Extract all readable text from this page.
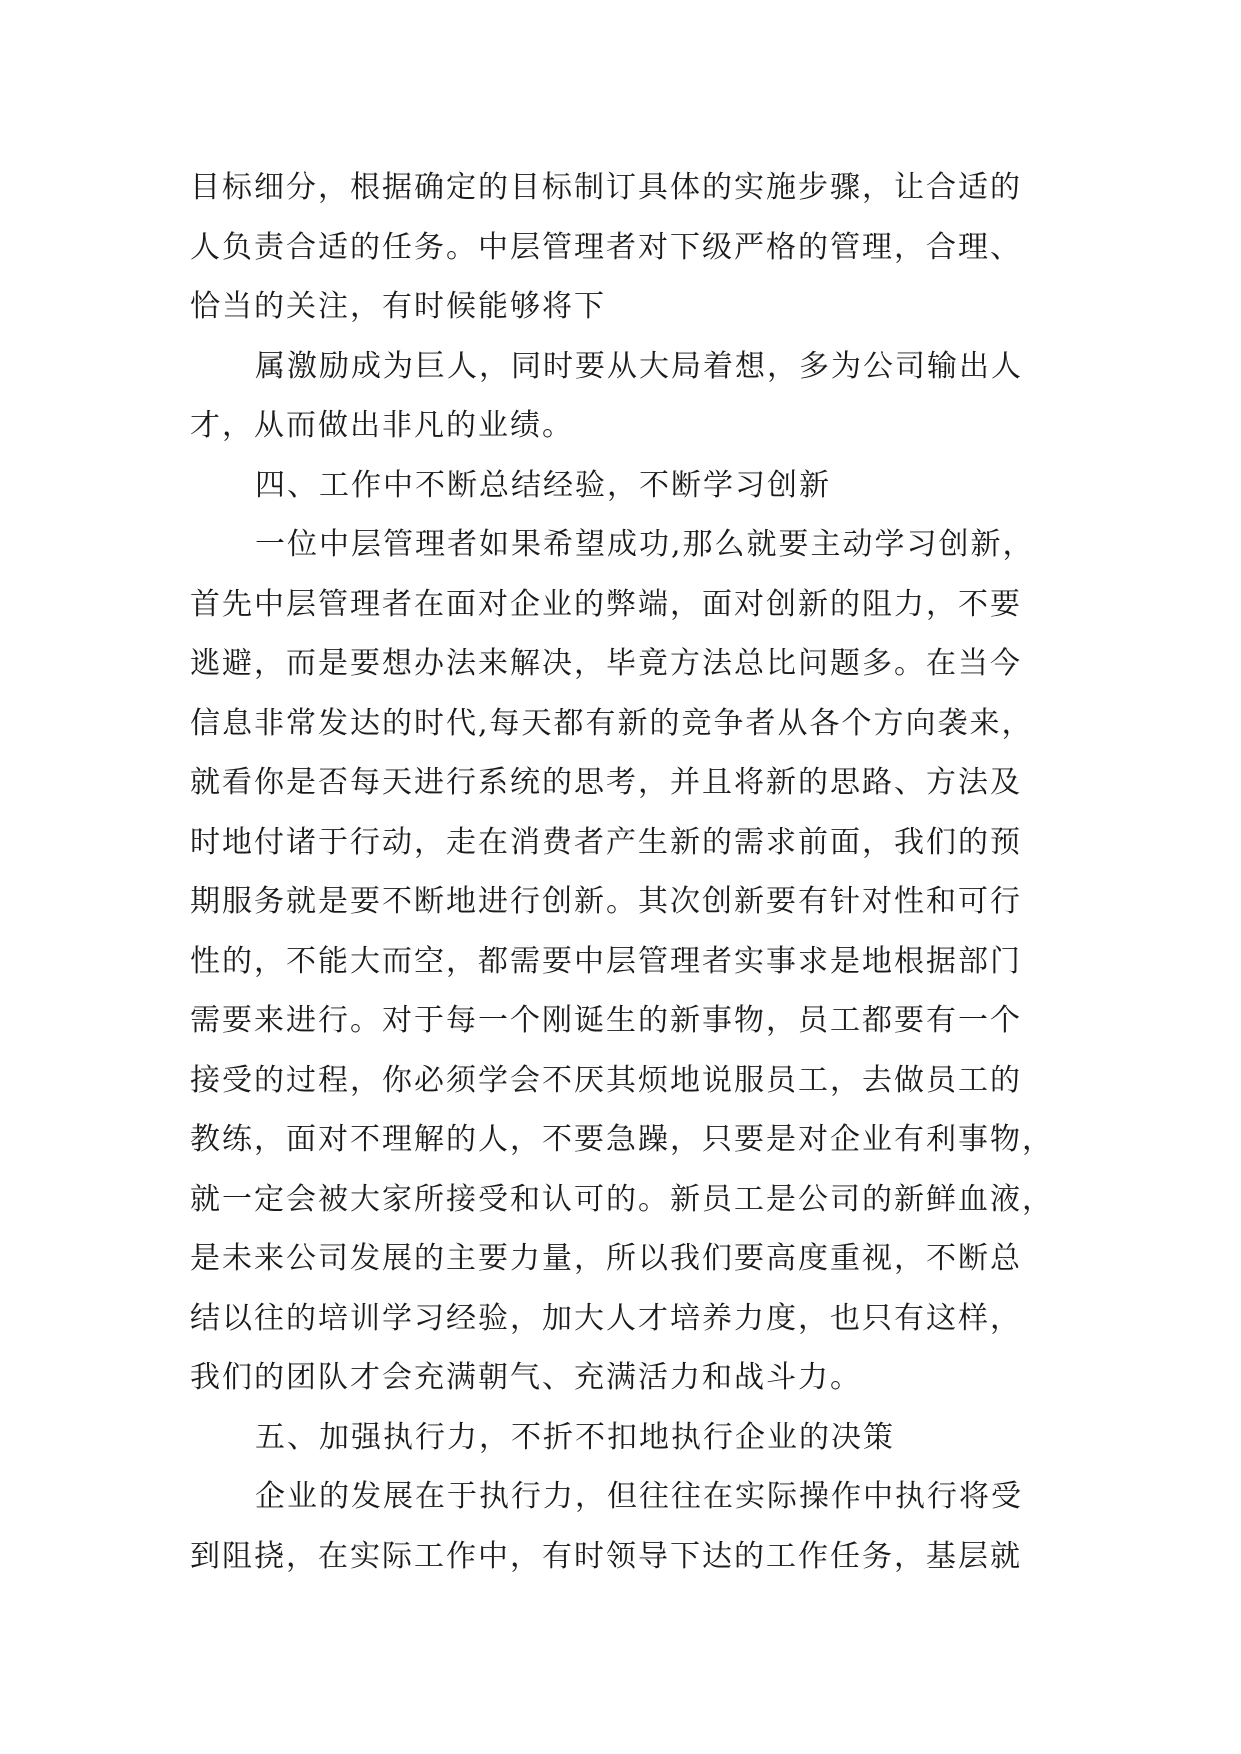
目标细分，根据确定的目标制订具体的实施步骤，让合适的
人负责合适的任务。中层管理者对下级严格的管理，合理、
恰当的关注，有时候能够将下
属激励成为巨人，同时要从大局着想，多为公司输出人
才，从而做出非凡的业绩。
四、工作中不断总结经验，不断学习创新
一位中层管理者如果希望成功,那么就要主动学习创新，
首先中层管理者在面对企业的弊端，面对创新的阻力，不要
逃避，而是要想办法来解决，毕竟方法总比问题多。在当今
信息非常发达的时代,每天都有新的竞争者从各个方向袭来，
就看你是否每天进行系统的思考，并且将新的思路、方法及
时地付诸于行动，走在消费者产生新的需求前面，我们的预
期服务就是要不断地进行创新。其次创新要有针对性和可行
性的，不能大而空，都需要中层管理者实事求是地根据部门
需要来进行。对于每一个刚诞生的新事物，员工都要有一个
接受的过程，你必须学会不厌其烦地说服员工，去做员工的
教练，面对不理解的人，不要急躁，只要是对企业有利事物，
就一定会被大家所接受和认可的。新员工是公司的新鲜血液，
是未来公司发展的主要力量，所以我们要高度重视，不断总
结以往的培训学习经验，加大人才培养力度，也只有这样，
我们的团队才会充满朝气、充满活力和战斗力。
五、加强执行力，不折不扣地执行企业的决策
企业的发展在于执行力，但往往在实际操作中执行将受
到阻挠，在实际工作中，有时领导下达的工作任务，基层就
